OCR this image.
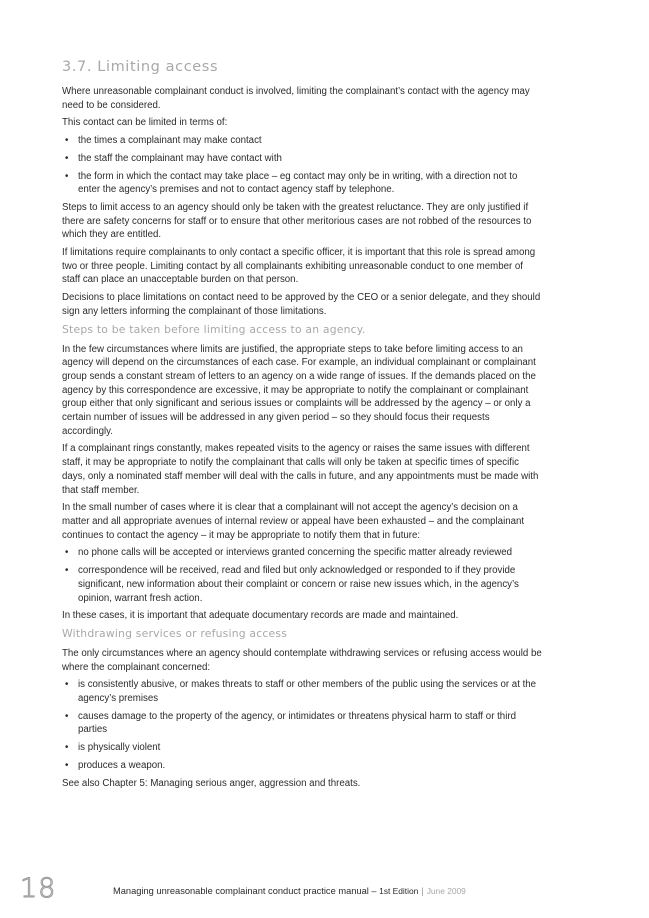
3.7. Limiting access

Where unreasonable complainant conduct is involved, limiting the complainant’s contact with the agency may need to be considered.

This contact can be limited in terms of:

• the times a complainant may make contact
• the staff the complainant may have contact with
• the form in which the contact may take place – eg contact may only be in writing, with a direction not to enter the agency’s premises and not to contact agency staff by telephone.

Steps to limit access to an agency should only be taken with the greatest reluctance. They are only justified if there are safety concerns for staff or to ensure that other meritorious cases are not robbed of the resources to which they are entitled.

If limitations require complainants to only contact a specific officer, it is important that this role is spread among two or three people. Limiting contact by all complainants exhibiting unreasonable conduct to one member of staff can place an unacceptable burden on that person.

Decisions to place limitations on contact need to be approved by the CEO or a senior delegate, and they should sign any letters informing the complainant of those limitations.

Steps to be taken before limiting access to an agency.

In the few circumstances where limits are justified, the appropriate steps to take before limiting access to an agency will depend on the circumstances of each case. For example, an individual complainant or complainant group sends a constant stream of letters to an agency on a wide range of issues. If the demands placed on the agency by this correspondence are excessive, it may be appropriate to notify the complainant or complainant group either that only significant and serious issues or complaints will be addressed by the agency – or only a certain number of issues will be addressed in any given period – so they should focus their requests accordingly.

If a complainant rings constantly, makes repeated visits to the agency or raises the same issues with different staff, it may be appropriate to notify the complainant that calls will only be taken at specific times of specific days, only a nominated staff member will deal with the calls in future, and any appointments must be made with that staff member.

In the small number of cases where it is clear that a complainant will not accept the agency’s decision on a matter and all appropriate avenues of internal review or appeal have been exhausted – and the complainant continues to contact the agency – it may be appropriate to notify them that in future:

• no phone calls will be accepted or interviews granted concerning the specific matter already reviewed
• correspondence will be received, read and filed but only acknowledged or responded to if they provide significant, new information about their complaint or concern or raise new issues which, in the agency’s opinion, warrant fresh action.

In these cases, it is important that adequate documentary records are made and maintained.

Withdrawing services or refusing access

The only circumstances where an agency should contemplate withdrawing services or refusing access would be where the complainant concerned:

• is consistently abusive, or makes threats to staff or other members of the public using the services or at the agency’s premises
• causes damage to the property of the agency, or intimidates or threatens physical harm to staff or third parties
• is physically violent
• produces a weapon.

See also Chapter 5: Managing serious anger, aggression and threats.

18	Managing unreasonable complainant conduct practice manual – 1st Edition | June 2009
